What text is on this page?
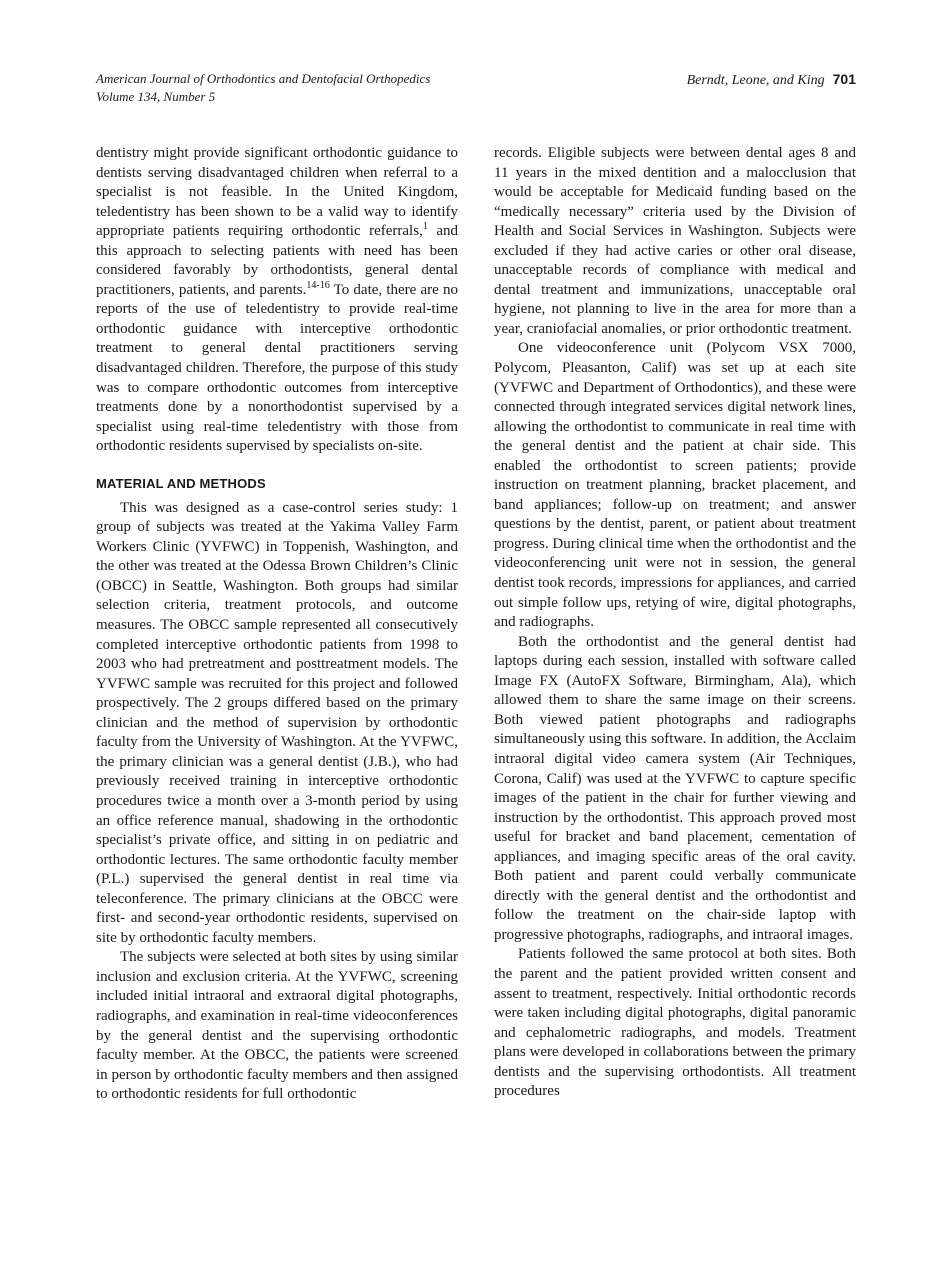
American Journal of Orthodontics and Dentofacial Orthopedics
Volume 134, Number 5
Berndt, Leone, and King 701

dentistry might provide significant orthodontic guidance to dentists serving disadvantaged children when referral to a specialist is not feasible. In the United Kingdom, teledentistry has been shown to be a valid way to identify appropriate patients requiring orthodontic referrals,$^1$ and this approach to selecting patients with need has been considered favorably by orthodontists, general dental practitioners, patients, and parents.$^{14-16}$ To date, there are no reports of the use of teledentistry to provide real-time orthodontic guidance with interceptive orthodontic treatment to general dental practitioners serving disadvantaged children. Therefore, the purpose of this study was to compare orthodontic outcomes from interceptive treatments done by a nonorthodontist supervised by a specialist using real-time teledentistry with those from orthodontic residents supervised by specialists on-site.

MATERIAL AND METHODS

This was designed as a case-control series study: 1 group of subjects was treated at the Yakima Valley Farm Workers Clinic (YVFWC) in Toppenish, Washington, and the other was treated at the Odessa Brown Children’s Clinic (OBCC) in Seattle, Washington. Both groups had similar selection criteria, treatment protocols, and outcome measures. The OBCC sample represented all consecutively completed interceptive orthodontic patients from 1998 to 2003 who had pretreatment and posttreatment models. The YVFWC sample was recruited for this project and followed prospectively. The 2 groups differed based on the primary clinician and the method of supervision by orthodontic faculty from the University of Washington. At the YVFWC, the primary clinician was a general dentist (J.B.), who had previously received training in interceptive orthodontic procedures twice a month over a 3-month period by using an office reference manual, shadowing in the orthodontic specialist’s private office, and sitting in on pediatric and orthodontic lectures. The same orthodontic faculty member (P.L.) supervised the general dentist in real time via teleconference. The primary clinicians at the OBCC were first- and second-year orthodontic residents, supervised on site by orthodontic faculty members.

The subjects were selected at both sites by using similar inclusion and exclusion criteria. At the YVFWC, screening included initial intraoral and extraoral digital photographs, radiographs, and examination in real-time videoconferences by the general dentist and the supervising orthodontic faculty member. At the OBCC, the patients were screened in person by orthodontic faculty members and then assigned to orthodontic residents for full orthodontic

records. Eligible subjects were between dental ages 8 and 11 years in the mixed dentition and a malocclusion that would be acceptable for Medicaid funding based on the “medically necessary” criteria used by the Division of Health and Social Services in Washington. Subjects were excluded if they had active caries or other oral disease, unacceptable records of compliance with medical and dental treatment and immunizations, unacceptable oral hygiene, not planning to live in the area for more than a year, craniofacial anomalies, or prior orthodontic treatment.

One videoconference unit (Polycom VSX 7000, Polycom, Pleasanton, Calif) was set up at each site (YVFWC and Department of Orthodontics), and these were connected through integrated services digital network lines, allowing the orthodontist to communicate in real time with the general dentist and the patient at chair side. This enabled the orthodontist to screen patients; provide instruction on treatment planning, bracket placement, and band appliances; follow-up on treatment; and answer questions by the dentist, parent, or patient about treatment progress. During clinical time when the orthodontist and the videoconferencing unit were not in session, the general dentist took records, impressions for appliances, and carried out simple follow ups, retying of wire, digital photographs, and radiographs.

Both the orthodontist and the general dentist had laptops during each session, installed with software called Image FX (AutoFX Software, Birmingham, Ala), which allowed them to share the same image on their screens. Both viewed patient photographs and radiographs simultaneously using this software. In addition, the Acclaim intraoral digital video camera system (Air Techniques, Corona, Calif) was used at the YVFWC to capture specific images of the patient in the chair for further viewing and instruction by the orthodontist. This approach proved most useful for bracket and band placement, cementation of appliances, and imaging specific areas of the oral cavity. Both patient and parent could verbally communicate directly with the general dentist and the orthodontist and follow the treatment on the chair-side laptop with progressive photographs, radiographs, and intraoral images.

Patients followed the same protocol at both sites. Both the parent and the patient provided written consent and assent to treatment, respectively. Initial orthodontic records were taken including digital photographs, digital panoramic and cephalometric radiographs, and models. Treatment plans were developed in collaborations between the primary dentists and the supervising orthodontists. All treatment procedures
